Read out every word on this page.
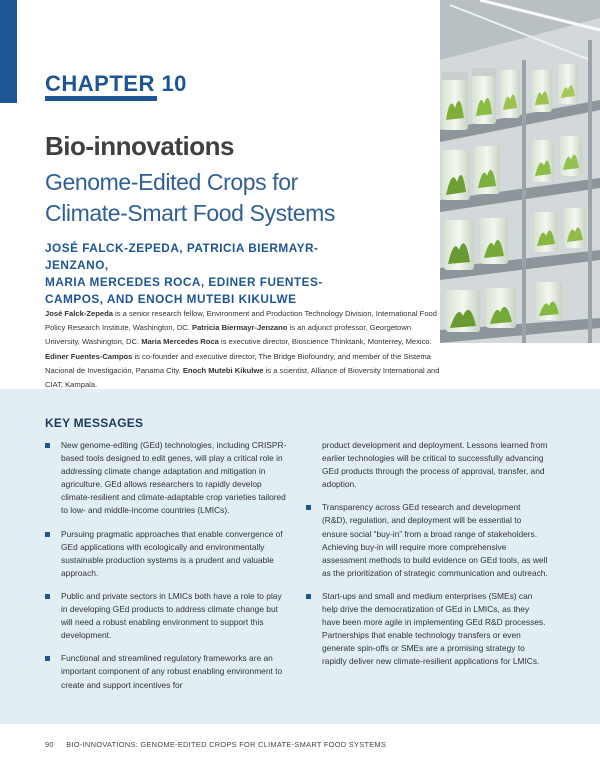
CHAPTER 10
Bio-innovations
Genome-Edited Crops for
Climate-Smart Food Systems
JOSÉ FALCK-ZEPEDA, PATRICIA BIERMAYR-JENZANO,
MARIA MERCEDES ROCA, EDINER FUENTES-
CAMPOS, AND ENOCH MUTEBI KIKULWE
José Falck-Zepeda is a senior research fellow, Environment and Production Technology Division, International Food Policy Research Institute, Washington, DC. Patricia Biermayr-Jenzano is an adjunct professor, Georgetown University, Washington, DC. Maria Mercedes Roca is executive director, Bioscience Thinktank, Monterrey, Mexico. Ediner Fuentes-Campos is co-founder and executive director, The Bridge Biofoundry, and member of the Sistema Nacional de Investigación, Panama City. Enoch Mutebi Kikulwe is a scientist, Alliance of Bioversity International and CIAT, Kampala.
KEY MESSAGES
New genome-editing (GEd) technologies, including CRISPR-based tools designed to edit genes, will play a critical role in addressing climate change adaptation and mitigation in agriculture. GEd allows researchers to rapidly develop climate-resilient and climate-adaptable crop varieties tailored to low- and middle-income countries (LMICs).
Pursuing pragmatic approaches that enable convergence of GEd applications with ecologically and environmentally sustainable production systems is a prudent and valuable approach.
Public and private sectors in LMICs both have a role to play in developing GEd products to address climate change but will need a robust enabling environment to support this development.
Functional and streamlined regulatory frameworks are an important component of any robust enabling environment to create and support incentives for
product development and deployment. Lessons learned from earlier technologies will be critical to successfully advancing GEd products through the process of approval, transfer, and adoption.
Transparency across GEd research and development (R&D), regulation, and deployment will be essential to ensure social “buy-in” from a broad range of stakeholders. Achieving buy-in will require more comprehensive assessment methods to build evidence on GEd tools, as well as the prioritization of strategic communication and outreach.
Start-ups and small and medium enterprises (SMEs) can help drive the democratization of GEd in LMICs, as they have been more agile in implementing GEd R&D processes. Partnerships that enable technology transfers or even generate spin-offs or SMEs are a promising strategy to rapidly deliver new climate-resilient applications for LMICs.
90 BIO-INNOVATIONS: GENOME-EDITED CROPS FOR CLIMATE-SMART FOOD SYSTEMS
